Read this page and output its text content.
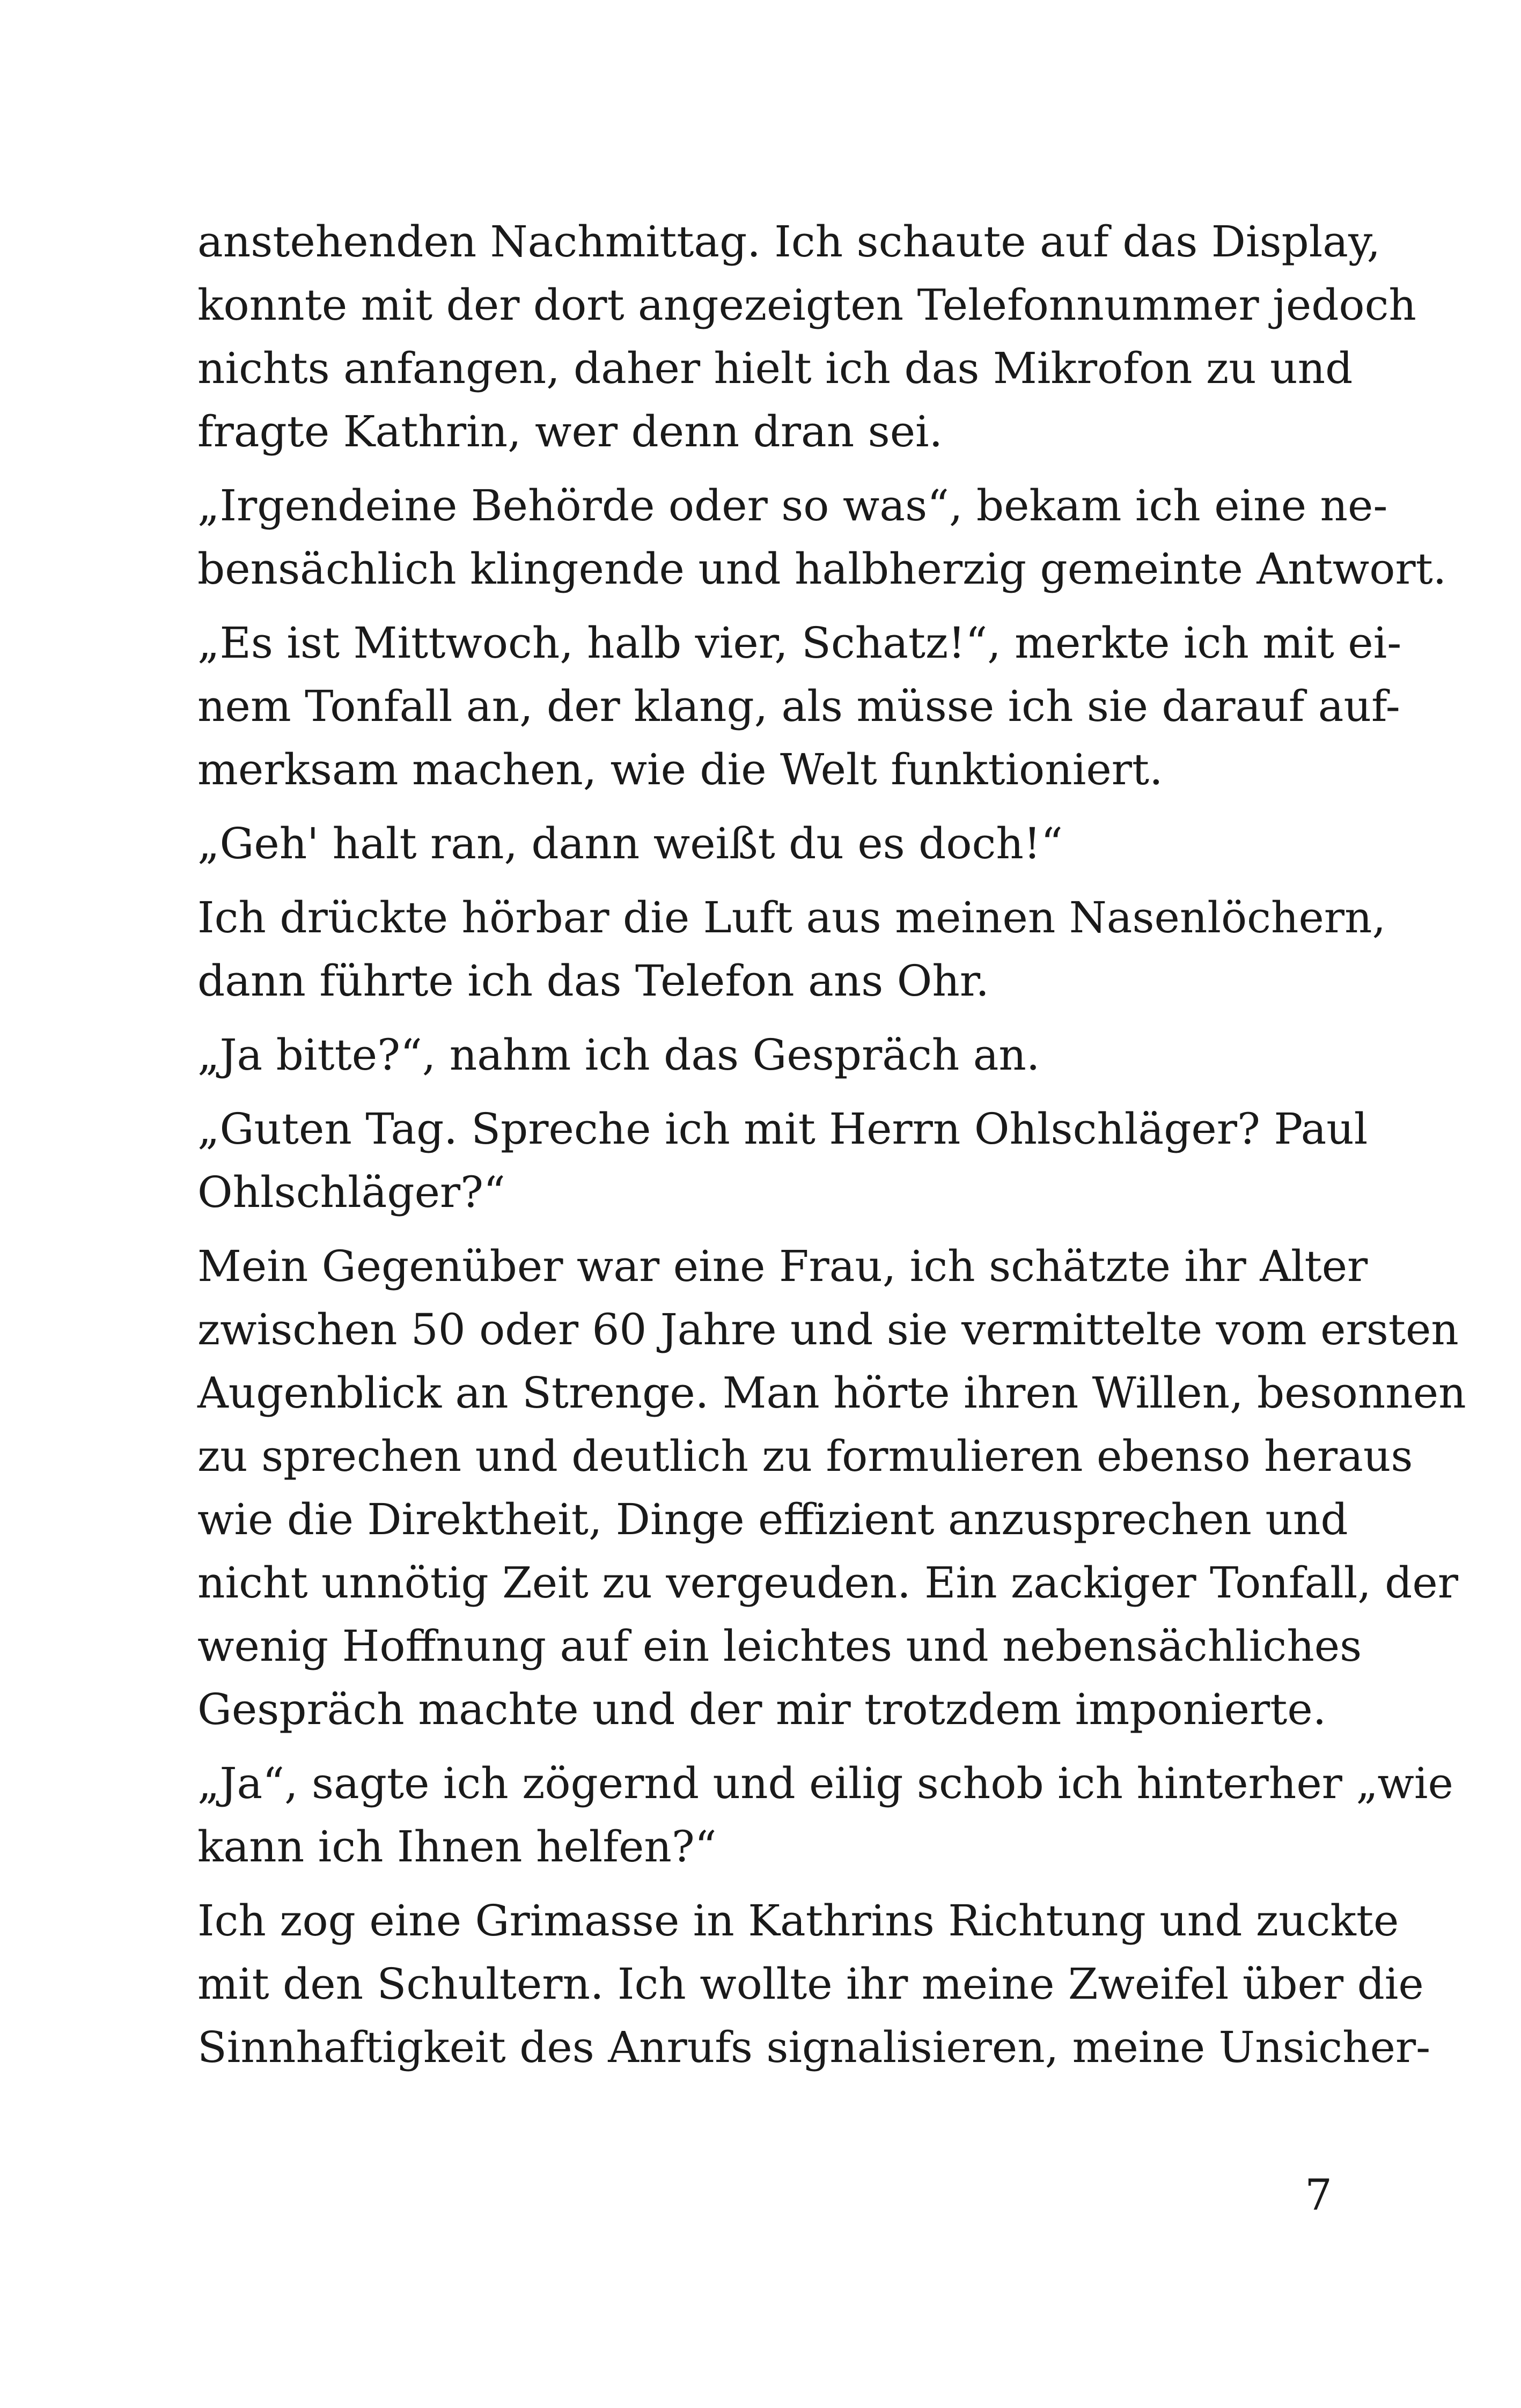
anstehenden Nachmittag. Ich schaute auf das Display,
konnte mit der dort angezeigten Telefonnummer jedoch
nichts anfangen, daher hielt ich das Mikrofon zu und
fragte Kathrin, wer denn dran sei.

„Irgendeine Behörde oder so was“, bekam ich eine ne-
bensächlich klingende und halbherzig gemeinte Antwort.

„Es ist Mittwoch, halb vier, Schatz!“, merkte ich mit ei-
nem Tonfall an, der klang, als müsse ich sie darauf auf-
merksam machen, wie die Welt funktioniert.

„Geh' halt ran, dann weißt du es doch!“

Ich drückte hörbar die Luft aus meinen Nasenlöchern,
dann führte ich das Telefon ans Ohr.

„Ja bitte?“, nahm ich das Gespräch an.

„Guten Tag. Spreche ich mit Herrn Ohlschläger? Paul
Ohlschläger?“

Mein Gegenüber war eine Frau, ich schätzte ihr Alter
zwischen 50 oder 60 Jahre und sie vermittelte vom ersten
Augenblick an Strenge. Man hörte ihren Willen, besonnen
zu sprechen und deutlich zu formulieren ebenso heraus
wie die Direktheit, Dinge effizient anzusprechen und
nicht unnötig Zeit zu vergeuden. Ein zackiger Tonfall, der
wenig Hoffnung auf ein leichtes und nebensächliches
Gespräch machte und der mir trotzdem imponierte.

„Ja“, sagte ich zögernd und eilig schob ich hinterher „wie
kann ich Ihnen helfen?“

Ich zog eine Grimasse in Kathrins Richtung und zuckte
mit den Schultern. Ich wollte ihr meine Zweifel über die
Sinnhaftigkeit des Anrufs signalisieren, meine Unsicher-

7
